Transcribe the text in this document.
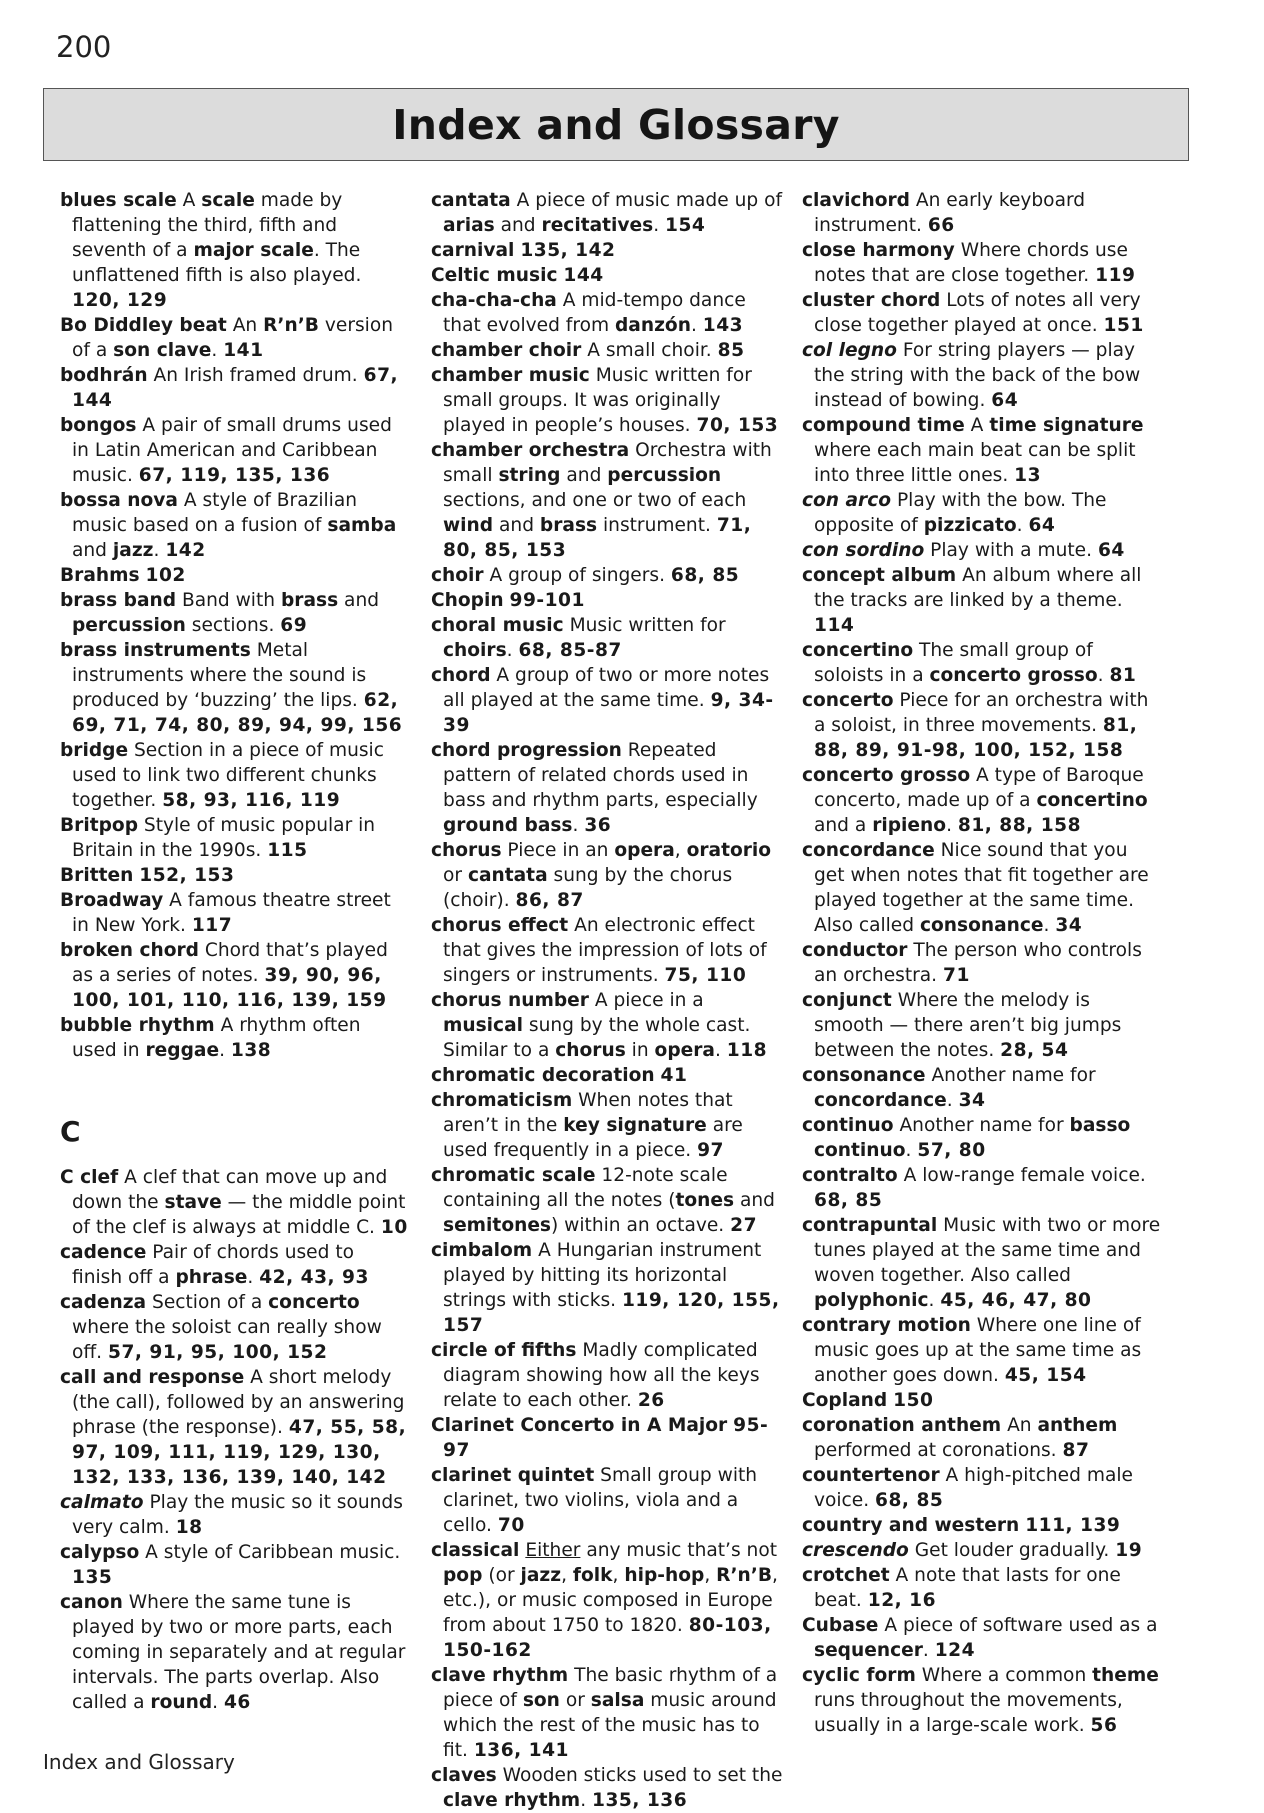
200
Index and Glossary
blues scale A scale made by flattening the third, fifth and seventh of a major scale. The unflattened fifth is also played. 120, 129
Bo Diddley beat An R’n’B version of a son clave. 141
bodhrán An Irish framed drum. 67, 144
bongos A pair of small drums used in Latin American and Caribbean music. 67, 119, 135, 136
bossa nova A style of Brazilian music based on a fusion of samba and jazz. 142
Brahms 102
brass band Band with brass and percussion sections. 69
brass instruments Metal instruments where the sound is produced by ‘buzzing’ the lips. 62, 69, 71, 74, 80, 89, 94, 99, 156
bridge Section in a piece of music used to link two different chunks together. 58, 93, 116, 119
Britpop Style of music popular in Britain in the 1990s. 115
Britten 152, 153
Broadway A famous theatre street in New York. 117
broken chord Chord that’s played as a series of notes. 39, 90, 96, 100, 101, 110, 116, 139, 159
bubble rhythm A rhythm often used in reggae. 138
C
C clef A clef that can move up and down the stave — the middle point of the clef is always at middle C. 10
cadence Pair of chords used to finish off a phrase. 42, 43, 93
cadenza Section of a concerto where the soloist can really show off. 57, 91, 95, 100, 152
call and response A short melody (the call), followed by an answering phrase (the response). 47, 55, 58, 97, 109, 111, 119, 129, 130, 132, 133, 136, 139, 140, 142
calmato Play the music so it sounds very calm. 18
calypso A style of Caribbean music. 135
canon Where the same tune is played by two or more parts, each coming in separately and at regular intervals. The parts overlap. Also called a round. 46
cantata A piece of music made up of arias and recitatives. 154
carnival 135, 142
Celtic music 144
cha-cha-cha A mid-tempo dance that evolved from danzón. 143
chamber choir A small choir. 85
chamber music Music written for small groups. It was originally played in people’s houses. 70, 153
chamber orchestra Orchestra with small string and percussion sections, and one or two of each wind and brass instrument. 71, 80, 85, 153
choir A group of singers. 68, 85
Chopin 99-101
choral music Music written for choirs. 68, 85-87
chord A group of two or more notes all played at the same time. 9, 34-39
chord progression Repeated pattern of related chords used in bass and rhythm parts, especially ground bass. 36
chorus Piece in an opera, oratorio or cantata sung by the chorus (choir). 86, 87
chorus effect An electronic effect that gives the impression of lots of singers or instruments. 75, 110
chorus number A piece in a musical sung by the whole cast. Similar to a chorus in opera. 118
chromatic decoration 41
chromaticism When notes that aren’t in the key signature are used frequently in a piece. 97
chromatic scale 12-note scale containing all the notes (tones and semitones) within an octave. 27
cimbalom A Hungarian instrument played by hitting its horizontal strings with sticks. 119, 120, 155, 157
circle of fifths Madly complicated diagram showing how all the keys relate to each other. 26
Clarinet Concerto in A Major 95-97
clarinet quintet Small group with clarinet, two violins, viola and a cello. 70
classical Either any music that’s not pop (or jazz, folk, hip-hop, R’n’B, etc.), or music composed in Europe from about 1750 to 1820. 80-103, 150-162
clave rhythm The basic rhythm of a piece of son or salsa music around which the rest of the music has to fit. 136, 141
claves Wooden sticks used to set the clave rhythm. 135, 136
clavichord An early keyboard instrument. 66
close harmony Where chords use notes that are close together. 119
cluster chord Lots of notes all very close together played at once. 151
col legno For string players — play the string with the back of the bow instead of bowing. 64
compound time A time signature where each main beat can be split into three little ones. 13
con arco Play with the bow. The opposite of pizzicato. 64
con sordino Play with a mute. 64
concept album An album where all the tracks are linked by a theme. 114
concertino The small group of soloists in a concerto grosso. 81
concerto Piece for an orchestra with a soloist, in three movements. 81, 88, 89, 91-98, 100, 152, 158
concerto grosso A type of Baroque concerto, made up of a concertino and a ripieno. 81, 88, 158
concordance Nice sound that you get when notes that fit together are played together at the same time. Also called consonance. 34
conductor The person who controls an orchestra. 71
conjunct Where the melody is smooth — there aren’t big jumps between the notes. 28, 54
consonance Another name for concordance. 34
continuo Another name for basso continuo. 57, 80
contralto A low-range female voice. 68, 85
contrapuntal Music with two or more tunes played at the same time and woven together. Also called polyphonic. 45, 46, 47, 80
contrary motion Where one line of music goes up at the same time as another goes down. 45, 154
Copland 150
coronation anthem An anthem performed at coronations. 87
countertenor A high-pitched male voice. 68, 85
country and western 111, 139
crescendo Get louder gradually. 19
crotchet A note that lasts for one beat. 12, 16
Cubase A piece of software used as a sequencer. 124
cyclic form Where a common theme runs throughout the movements, usually in a large-scale work. 56
Index and Glossary
